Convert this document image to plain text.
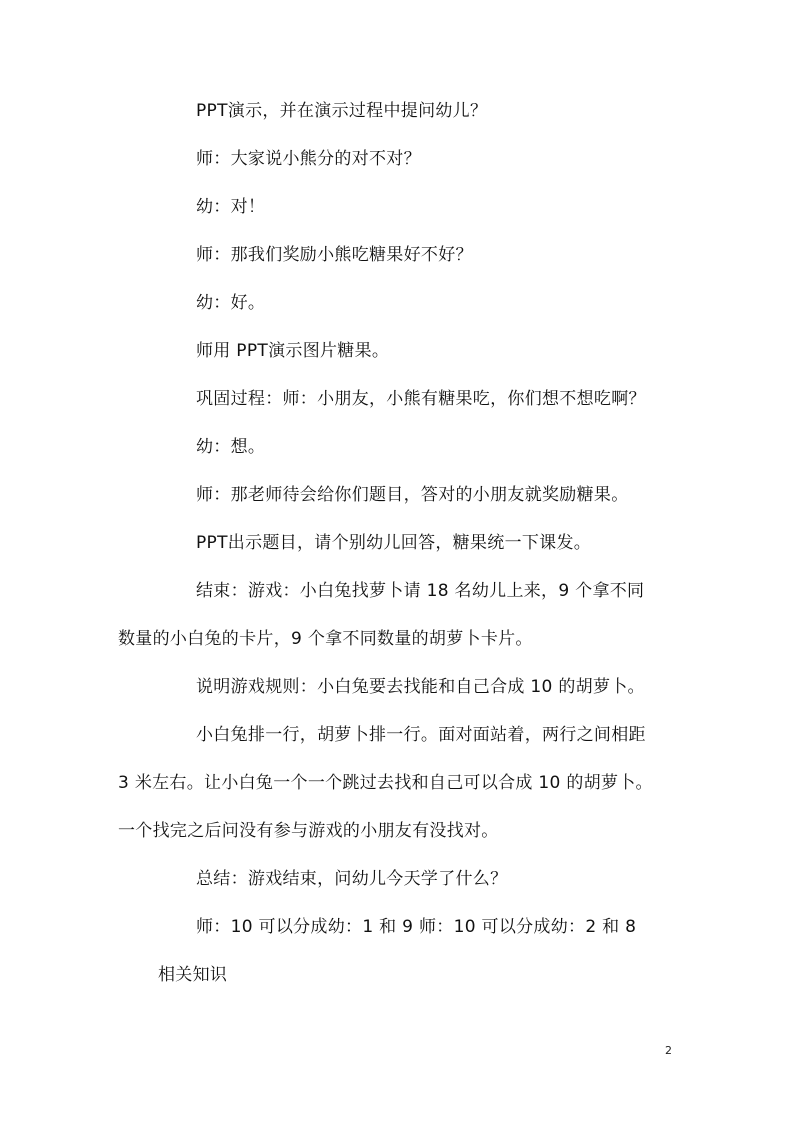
PPT演示，并在演示过程中提问幼儿？
师：大家说小熊分的对不对？
幼：对！
师：那我们奖励小熊吃糖果好不好？
幼：好。
师用 PPT演示图片糖果。
巩固过程：师：小朋友，小熊有糖果吃，你们想不想吃啊？
幼：想。
师：那老师待会给你们题目，答对的小朋友就奖励糖果。
PPT出示题目，请个别幼儿回答，糖果统一下课发。
结束：游戏：小白兔找萝卜请 18 名幼儿上来，9 个拿不同
数量的小白兔的卡片，9 个拿不同数量的胡萝卜卡片。
说明游戏规则：小白兔要去找能和自己合成 10 的胡萝卜。
小白兔排一行，胡萝卜排一行。面对面站着，两行之间相距
3 米左右。让小白兔一个一个跳过去找和自己可以合成 10 的胡萝卜。
一个找完之后问没有参与游戏的小朋友有没找对。
总结：游戏结束，问幼儿今天学了什么？
师：10 可以分成幼：1 和 9 师：10 可以分成幼：2 和 8
相关知识
2
